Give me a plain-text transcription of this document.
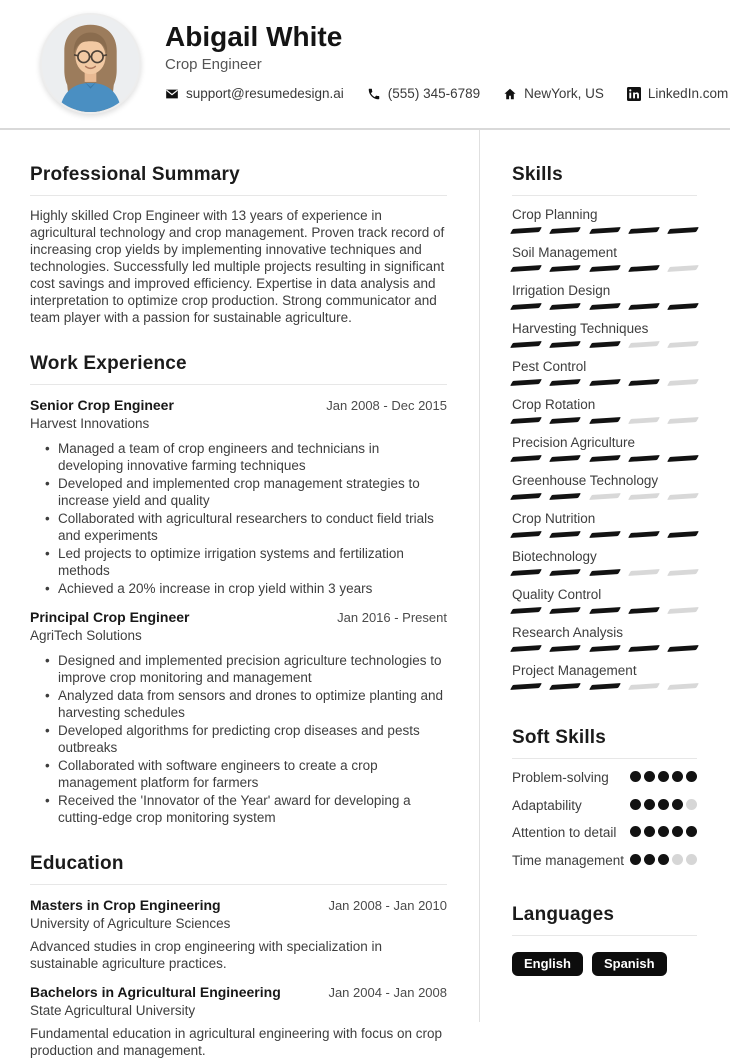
Abigail White
Crop Engineer
support@resumedesign.ai	(555) 345-6789	NewYork, US	LinkedIn.com
Professional Summary

Highly skilled Crop Engineer with 13 years of experience in agricultural technology and crop management. Proven track record of increasing crop yields by implementing innovative techniques and technologies. Successfully led multiple projects resulting in significant cost savings and improved efficiency. Expertise in data analysis and interpretation to optimize crop production. Strong communicator and team player with a passion for sustainable agriculture.

Work Experience
Senior Crop Engineer	Jan 2008 - Dec 2015
Harvest Innovations
• Managed a team of crop engineers and technicians in developing innovative farming techniques
• Developed and implemented crop management strategies to increase yield and quality
• Collaborated with agricultural researchers to conduct field trials and experiments
• Led projects to optimize irrigation systems and fertilization methods
• Achieved a 20% increase in crop yield within 3 years
Principal Crop Engineer	Jan 2016 - Present
AgriTech Solutions
• Designed and implemented precision agriculture technologies to improve crop monitoring and management
• Analyzed data from sensors and drones to optimize planting and harvesting schedules
• Developed algorithms for predicting crop diseases and pests outbreaks
• Collaborated with software engineers to create a crop management platform for farmers
• Received the 'Innovator of the Year' award for developing a cutting-edge crop monitoring system
Education
Masters in Crop Engineering	Jan 2008 - Jan 2010
University of Agriculture Sciences

Advanced studies in crop engineering with specialization in sustainable agriculture practices.

Bachelors in Agricultural Engineering	Jan 2004 - Jan 2008
State Agricultural University

Fundamental education in agricultural engineering with focus on crop production and management.

Skills
Crop Planning
Soil Management
Irrigation Design
Harvesting Techniques
Pest Control
Crop Rotation
Precision Agriculture
Greenhouse Technology
Crop Nutrition
Biotechnology
Quality Control
Research Analysis
Project Management
Soft Skills
Problem-solving
Adaptability
Attention to detail
Time management
Languages
English	Spanish
